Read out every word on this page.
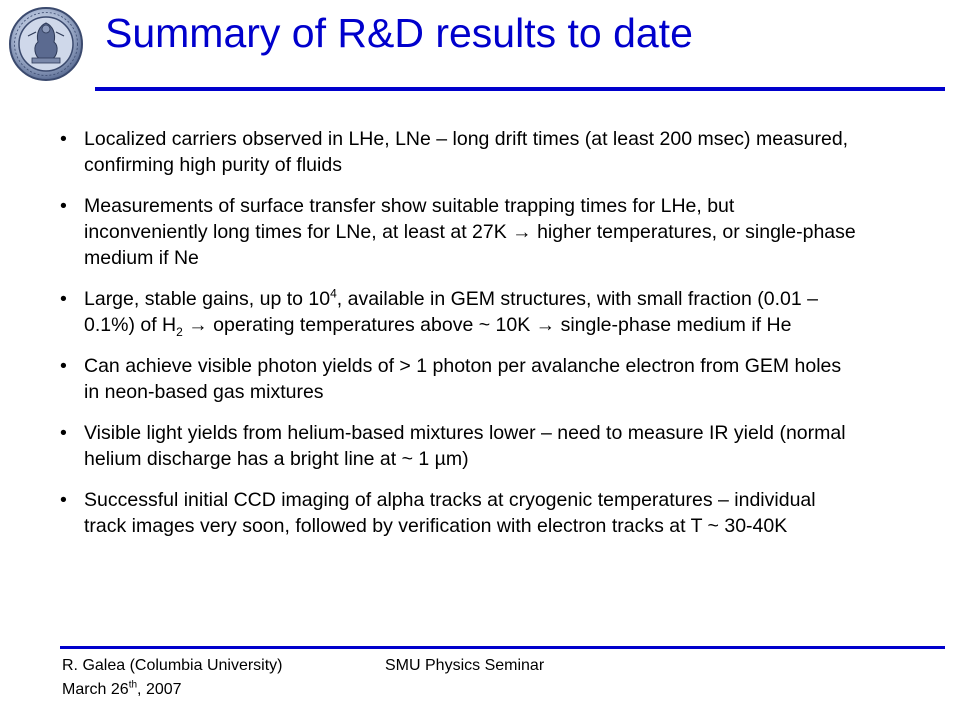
Summary of R&D results to date
• Localized carriers observed in LHe, LNe – long drift times (at least 200 msec) measured, confirming high purity of fluids
• Measurements of surface transfer show suitable trapping times for LHe, but inconveniently long times for LNe, at least at 27K → higher temperatures, or single-phase medium if Ne
• Large, stable gains, up to $10^4$, available in GEM structures, with small fraction (0.01 – 0.1%) of $H_2$ → operating temperatures above ~ 10K → single-phase medium if He
• Can achieve visible photon yields of > 1 photon per avalanche electron from GEM holes in neon-based gas mixtures
• Visible light yields from helium-based mixtures lower – need to measure IR yield (normal helium discharge has a bright line at ~ 1 µm)
• Successful initial CCD imaging of alpha tracks at cryogenic temperatures – individual track images very soon, followed by verification with electron tracks at T ~ 30-40K
R. Galea (Columbia University)
March 26th, 2007
SMU Physics Seminar
